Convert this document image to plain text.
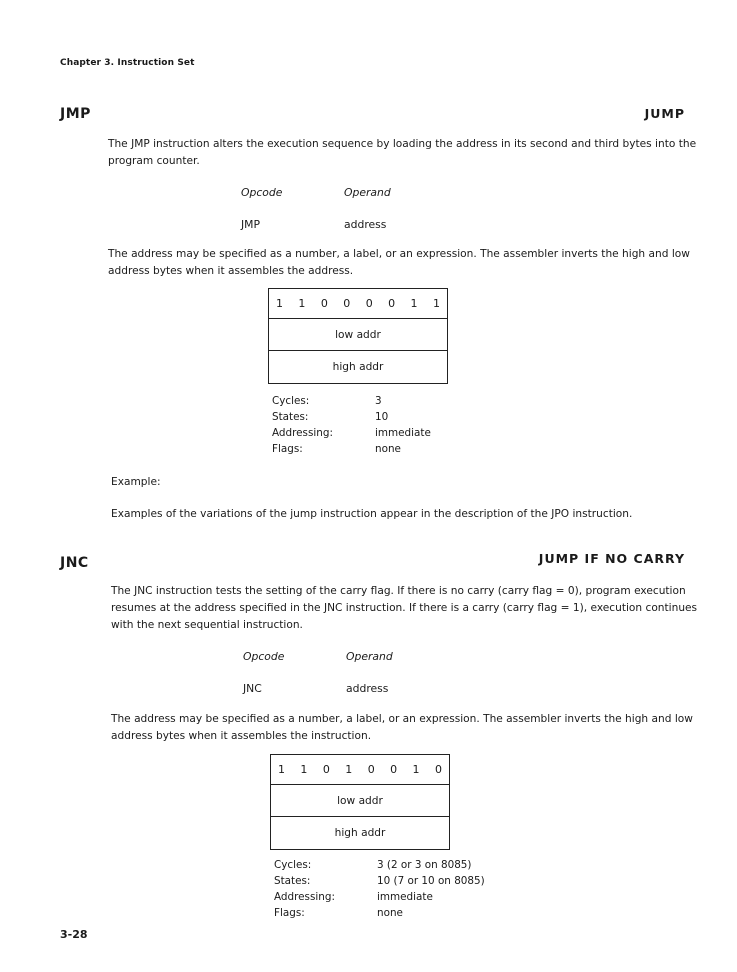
Chapter 3. Instruction Set
JMP	JUMP
The JMP instruction alters the execution sequence by loading the address in its second and third bytes into the
program counter.
Opcode	Operand
JMP	address
The address may be specified as a number, a label, or an expression. The assembler inverts the high and low
address bytes when it assembles the address.
1 1 0 0 0 0 1 1
low addr
high addr
Cycles:	3
States:	10
Addressing:	immediate
Flags:	none
Example:
Examples of the variations of the jump instruction appear in the description of the JPO instruction.
JNC	JUMP IF NO CARRY
The JNC instruction tests the setting of the carry flag. If there is no carry (carry flag = 0), program execution
resumes at the address specified in the JNC instruction. If there is a carry (carry flag = 1), execution continues
with the next sequential instruction.
Opcode	Operand
JNC	address
The address may be specified as a number, a label, or an expression. The assembler inverts the high and low
address bytes when it assembles the instruction.
1 1 0 1 0 0 1 0
low addr
high addr
Cycles:	3 (2 or 3 on 8085)
States:	10 (7 or 10 on 8085)
Addressing:	immediate
Flags:	none
3-28
